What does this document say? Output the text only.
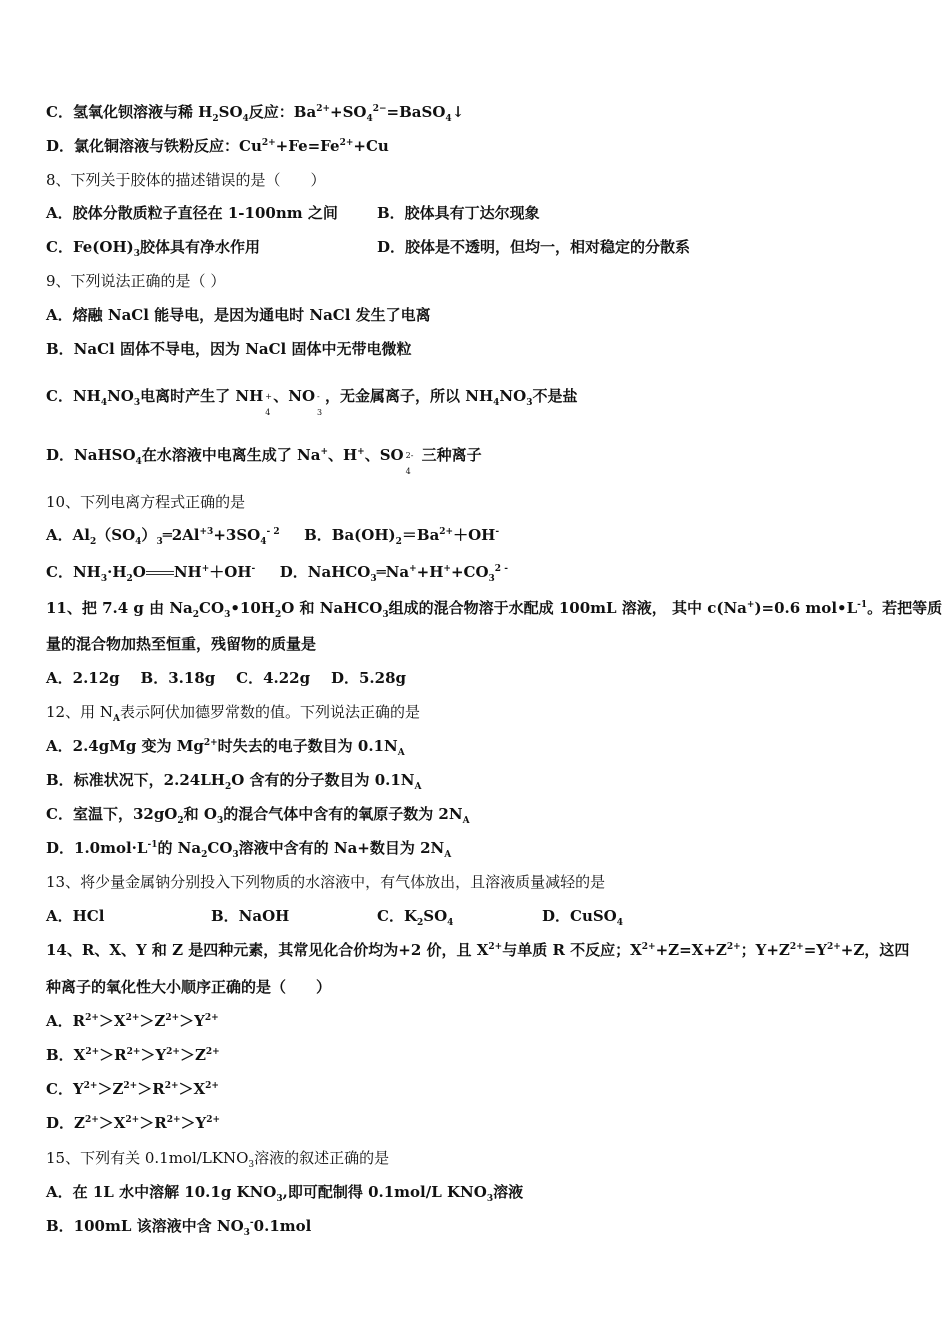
C．氢氧化钡溶液与稀 $H_2SO_4$反应：$Ba^{2+}+SO_4^{2-}=BaSO_4↓$
D．氯化铜溶液与铁粉反应：$Cu^{2+}+Fe=Fe^{2+}+Cu$
8、下列关于胶体的描述错误的是（　　）
A．胶体分散质粒子直径在 1-100nm 之间	B．胶体具有丁达尔现象
C．$Fe(OH)_3$胶体具有净水作用	D．胶体是不透明，但均一，相对稳定的分散系
9、下列说法正确的是（ ）
A．熔融 NaCl 能导电，是因为通电时 NaCl 发生了电离
B．NaCl 固体不导电，因为 NaCl 固体中无带电微粒
C．$NH_4NO_3$电离时产生了 NH +
4
、NO -
3
，无金属离子，所以 $NH_4NO_3$不是盐
D．NaHSO$_4$在水溶液中电离生成了 Na+、H+、SO 2-
4
三种离子
10、下列电离方程式正确的是
A．$Al_2(SO_4)_3═2Al^{+3}+3SO_4^{- 2}$ B．$Ba(OH)_2=Ba^{2+}+OH^-$
C．$NH_3\cdot H_2O$ NH+＋OH- D．$NaHCO_3═Na^++H^++CO_3^{2 -}$
11、把 7.4 g 由 $Na_2CO_3•10H_2O$ 和 NaHCO$_3$组成的混合物溶于水配成 100mL 溶液， 其中 c(Na+)=0.6 $mol•L^{-1}$。若把等质
量的混合物加热至恒重，残留物的质量是
A．2.12g    B．3.18g    C．4.22g    D．5.28g
12、用 $N_A$表示阿伏加德罗常数的值。下列说法正确的是
A．2.4gMg 变为 $Mg^{2+}$时失去的电子数目为 $0.1N_A$
B．标准状况下，$2.24LH_2O$ 含有的分子数目为 $0.1N_A$
C．室温下，$32gO_2$和 $O_3$的混合气体中含有的氧原子数为 $2N_A$
D．$1.0mol\cdot L^{-1}$的 $Na_2CO_3$溶液中含有的 Na+数目为 $2N_A$
13、将少量金属钠分别投入下列物质的水溶液中，有气体放出，且溶液质量减轻的是
A．HCl	B．NaOH	C．$K_2SO_4$	D．CuSO$_4$
14、R、X、Y 和 Z 是四种元素，其常见化合价均为+2 价，且 $X^{2+}$与单质 R 不反应；$X^{2+}+Z=X+Z^{2+}$；$Y+Z^{2+}=Y^{2+}+Z$，这四
种离子的氧化性大小顺序正确的是（　　）
A．$R^{2+}>X^{2+}>Z^{2+}>Y^{2+}$
B．$X^{2+}>R^{2+}>Y^{2+}>Z^{2+}$
C．$Y^{2+}>Z^{2+}>R^{2+}>X^{2+}$
D．$Z^{2+}>X^{2+}>R^{2+}>Y^{2+}$
15、下列有关 $0.1mol/LKNO_3$溶液的叙述正确的是
A．在 1L 水中溶解 10.1g $KNO_3$,即可配制得 0.1mol/L $KNO_3$溶液
B．100mL 该溶液中含 $NO_3^-0.1mol$
